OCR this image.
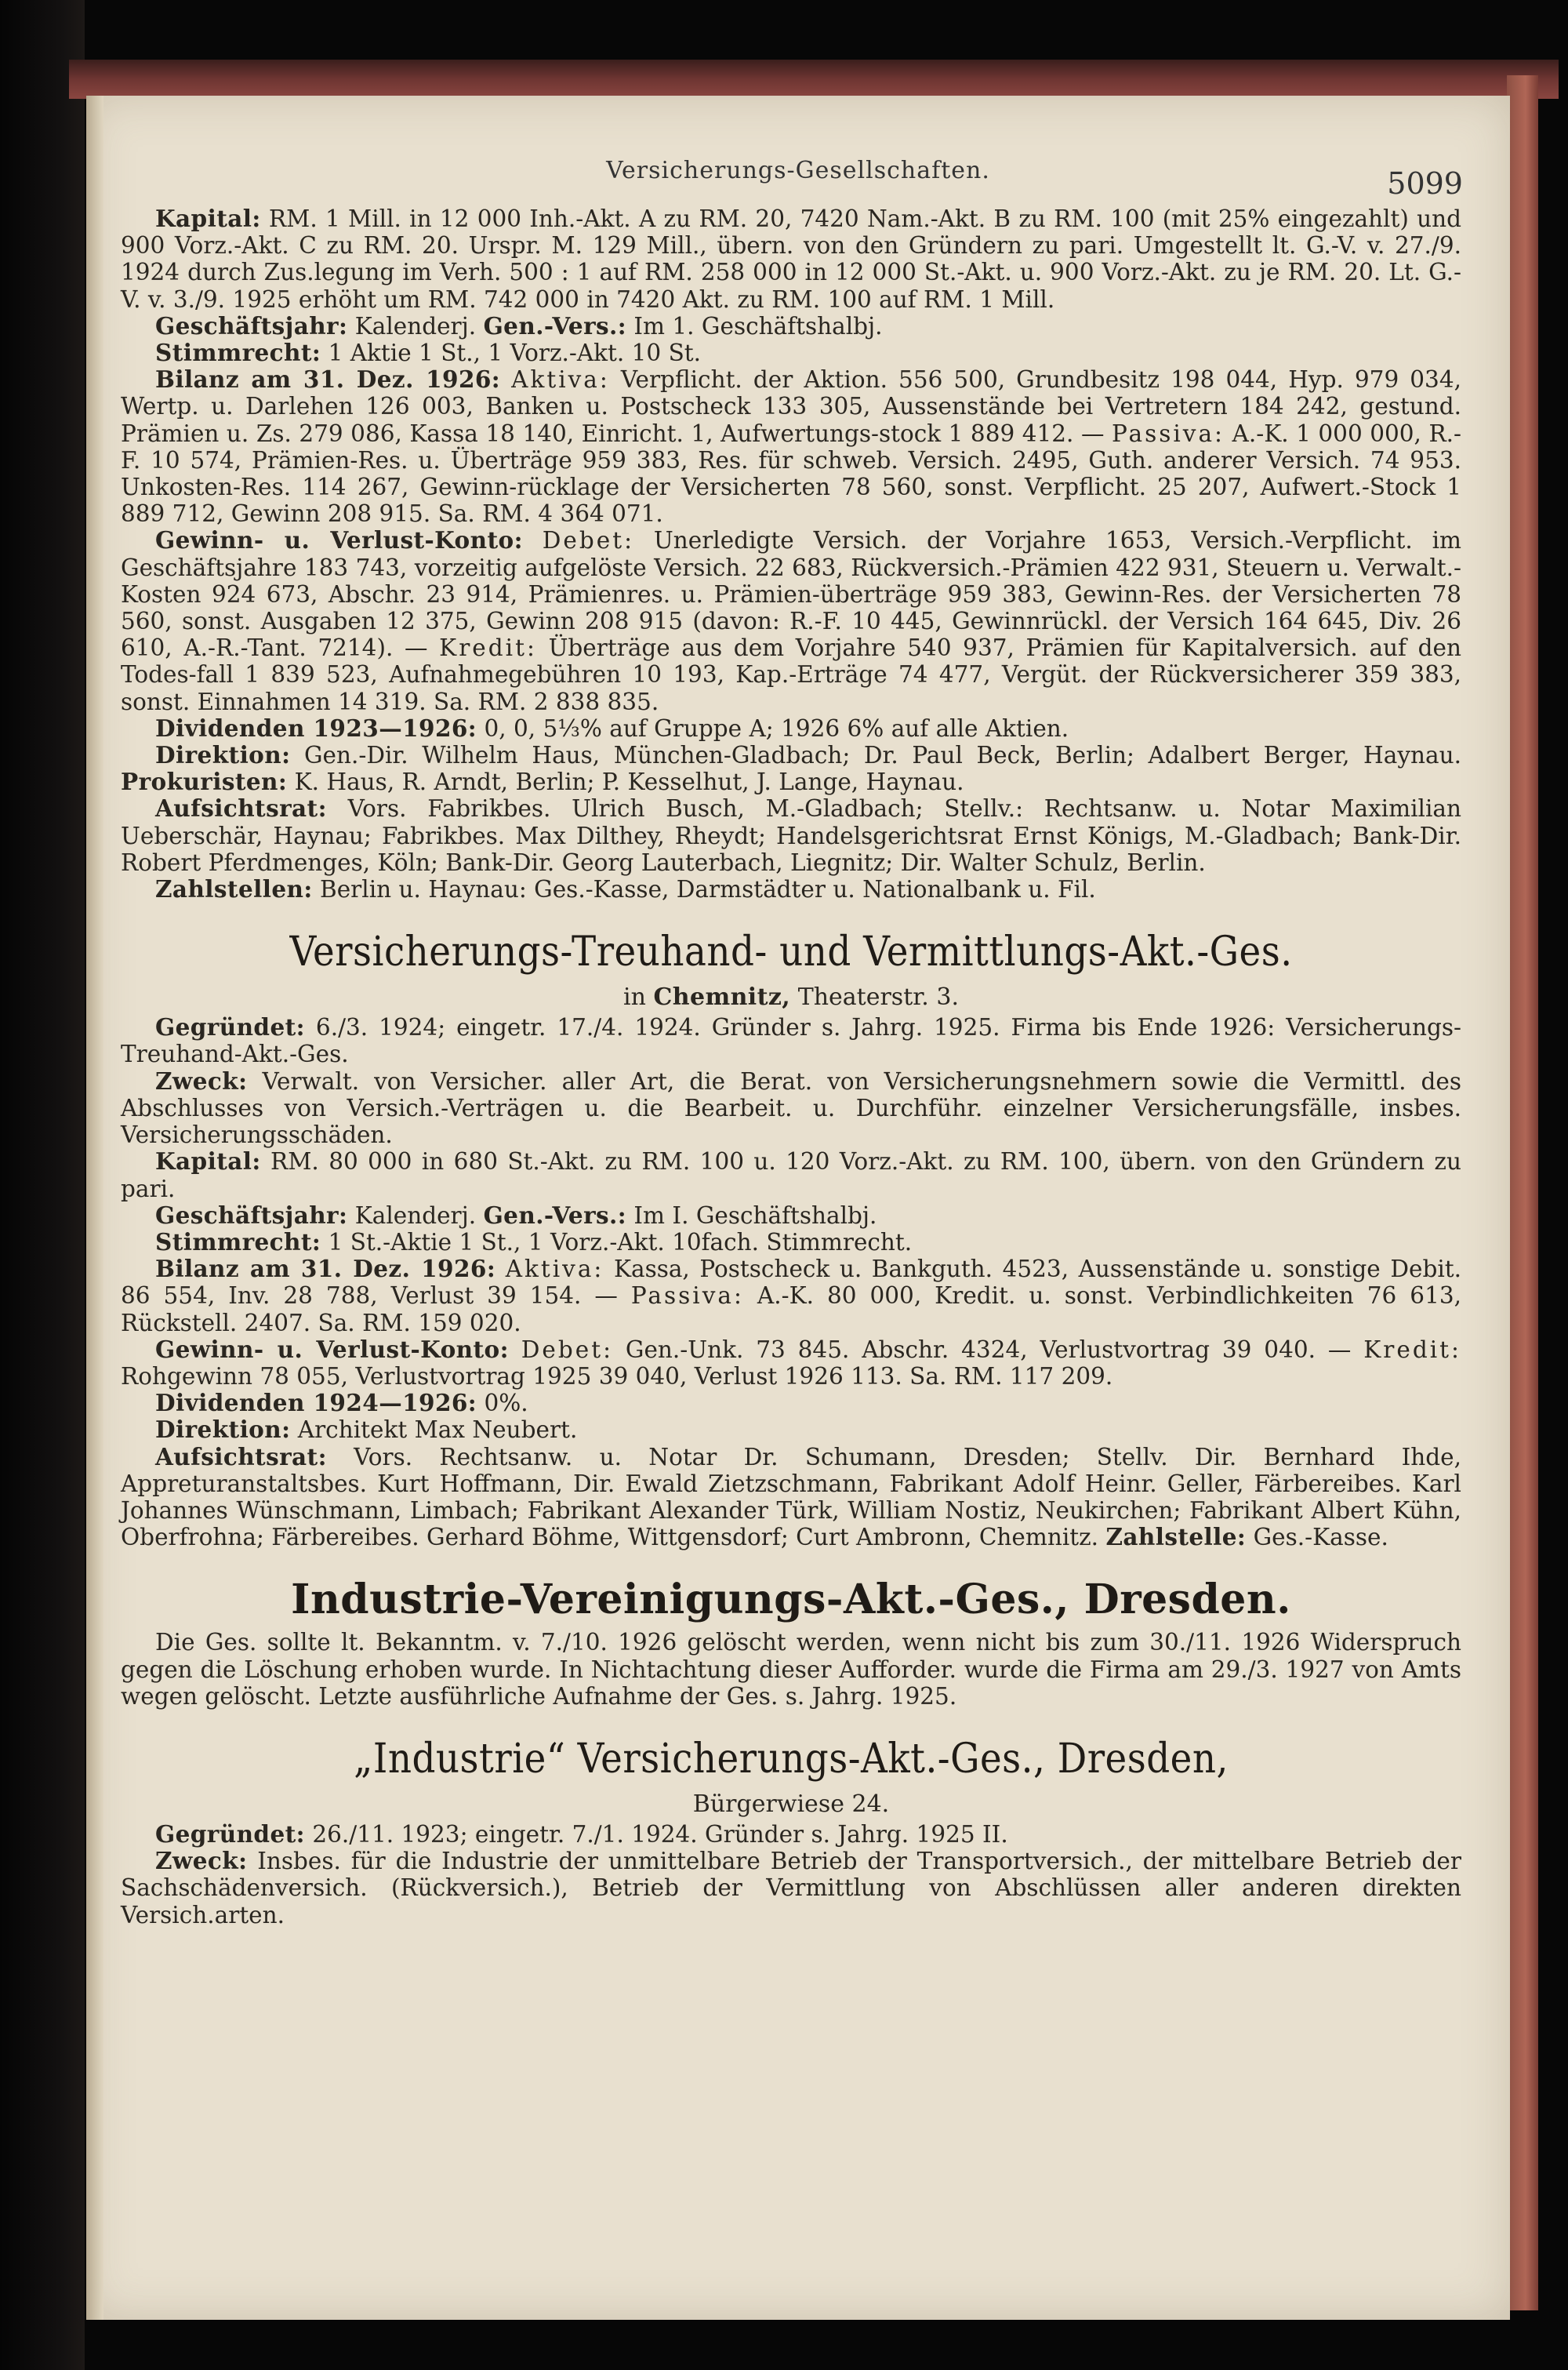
Versicherungs-Gesellschaften.	5099

Kapital: RM. 1 Mill. in 12 000 Inh.-Akt. A zu RM. 20, 7420 Nam.-Akt. B zu RM. 100 (mit 25% eingezahlt) und 900 Vorz.-Akt. C zu RM. 20. Urspr. M. 129 Mill., übern. von den Gründern zu pari. Umgestellt lt. G.-V. v. 27./9. 1924 durch Zus.legung im Verh. 500 : 1 auf RM. 258 000 in 12 000 St.-Akt. u. 900 Vorz.-Akt. zu je RM. 20. Lt. G.-V. v. 3./9. 1925 erhöht um RM. 742 000 in 7420 Akt. zu RM. 100 auf RM. 1 Mill.

Geschäftsjahr: Kalenderj. Gen.-Vers.: Im 1. Geschäftshalbj.

Stimmrecht: 1 Aktie 1 St., 1 Vorz.-Akt. 10 St.

Bilanz am 31. Dez. 1926: Aktiva: Verpflicht. der Aktion. 556 500, Grundbesitz 198 044, Hyp. 979 034, Wertp. u. Darlehen 126 003, Banken u. Postscheck 133 305, Aussenstände bei Vertretern 184 242, gestund. Prämien u. Zs. 279 086, Kassa 18 140, Einricht. 1, Aufwertungs-stock 1 889 412. — Passiva: A.-K. 1 000 000, R.-F. 10 574, Prämien-Res. u. Überträge 959 383, Res. für schweb. Versich. 2495, Guth. anderer Versich. 74 953. Unkosten-Res. 114 267, Gewinn-rücklage der Versicherten 78 560, sonst. Verpflicht. 25 207, Aufwert.-Stock 1 889 712, Gewinn 208 915. Sa. RM. 4 364 071.

Gewinn- u. Verlust-Konto: Debet: Unerledigte Versich. der Vorjahre 1653, Versich.-Verpflicht. im Geschäftsjahre 183 743, vorzeitig aufgelöste Versich. 22 683, Rückversich.-Prämien 422 931, Steuern u. Verwalt.-Kosten 924 673, Abschr. 23 914, Prämienres. u. Prämien-überträge 959 383, Gewinn-Res. der Versicherten 78 560, sonst. Ausgaben 12 375, Gewinn 208 915 (davon: R.-F. 10 445, Gewinnrückl. der Versich 164 645, Div. 26 610, A.-R.-Tant. 7214). — Kredit: Überträge aus dem Vorjahre 540 937, Prämien für Kapitalversich. auf den Todes-fall 1 839 523, Aufnahmegebühren 10 193, Kap.-Erträge 74 477, Vergüt. der Rückversicherer 359 383, sonst. Einnahmen 14 319. Sa. RM. 2 838 835.

Dividenden 1923—1926: 0, 0, 5⅓% auf Gruppe A; 1926 6% auf alle Aktien.

Direktion: Gen.-Dir. Wilhelm Haus, München-Gladbach; Dr. Paul Beck, Berlin; Adalbert Berger, Haynau. Prokuristen: K. Haus, R. Arndt, Berlin; P. Kesselhut, J. Lange, Haynau.

Aufsichtsrat: Vors. Fabrikbes. Ulrich Busch, M.-Gladbach; Stellv.: Rechtsanw. u. Notar Maximilian Ueberschär, Haynau; Fabrikbes. Max Dilthey, Rheydt; Handelsgerichtsrat Ernst Königs, M.-Gladbach; Bank-Dir. Robert Pferdmenges, Köln; Bank-Dir. Georg Lauterbach, Liegnitz; Dir. Walter Schulz, Berlin.

Zahlstellen: Berlin u. Haynau: Ges.-Kasse, Darmstädter u. Nationalbank u. Fil.

Versicherungs-Treuhand- und Vermittlungs-Akt.-Ges.
in Chemnitz, Theaterstr. 3.

Gegründet: 6./3. 1924; eingetr. 17./4. 1924. Gründer s. Jahrg. 1925. Firma bis Ende 1926: Versicherungs-Treuhand-Akt.-Ges.

Zweck: Verwalt. von Versicher. aller Art, die Berat. von Versicherungsnehmern sowie die Vermittl. des Abschlusses von Versich.-Verträgen u. die Bearbeit. u. Durchführ. einzelner Versicherungsfälle, insbes. Versicherungsschäden.

Kapital: RM. 80 000 in 680 St.-Akt. zu RM. 100 u. 120 Vorz.-Akt. zu RM. 100, übern. von den Gründern zu pari.

Geschäftsjahr: Kalenderj. Gen.-Vers.: Im I. Geschäftshalbj.

Stimmrecht: 1 St.-Aktie 1 St., 1 Vorz.-Akt. 10fach. Stimmrecht.

Bilanz am 31. Dez. 1926: Aktiva: Kassa, Postscheck u. Bankguth. 4523, Aussenstände u. sonstige Debit. 86 554, Inv. 28 788, Verlust 39 154. — Passiva: A.-K. 80 000, Kredit. u. sonst. Verbindlichkeiten 76 613, Rückstell. 2407. Sa. RM. 159 020.

Gewinn- u. Verlust-Konto: Debet: Gen.-Unk. 73 845. Abschr. 4324, Verlustvortrag 39 040. — Kredit: Rohgewinn 78 055, Verlustvortrag 1925 39 040, Verlust 1926 113. Sa. RM. 117 209.

Dividenden 1924—1926: 0%.

Direktion: Architekt Max Neubert.

Aufsichtsrat: Vors. Rechtsanw. u. Notar Dr. Schumann, Dresden; Stellv. Dir. Bernhard Ihde, Appreturanstaltsbes. Kurt Hoffmann, Dir. Ewald Zietzschmann, Fabrikant Adolf Heinr. Geller, Färbereibes. Karl Johannes Wünschmann, Limbach; Fabrikant Alexander Türk, William Nostiz, Neukirchen; Fabrikant Albert Kühn, Oberfrohna; Färbereibes. Gerhard Böhme, Wittgensdorf; Curt Ambronn, Chemnitz. Zahlstelle: Ges.-Kasse.

Industrie-Vereinigungs-Akt.-Ges., Dresden.

Die Ges. sollte lt. Bekanntm. v. 7./10. 1926 gelöscht werden, wenn nicht bis zum 30./11. 1926 Widerspruch gegen die Löschung erhoben wurde. In Nichtachtung dieser Aufforder. wurde die Firma am 29./3. 1927 von Amts wegen gelöscht. Letzte ausführliche Aufnahme der Ges. s. Jahrg. 1925.

„Industrie“ Versicherungs-Akt.-Ges., Dresden,
Bürgerwiese 24.

Gegründet: 26./11. 1923; eingetr. 7./1. 1924. Gründer s. Jahrg. 1925 II.

Zweck: Insbes. für die Industrie der unmittelbare Betrieb der Transportversich., der mittelbare Betrieb der Sachschädenversich. (Rückversich.), Betrieb der Vermittlung von Abschlüssen aller anderen direkten Versich.arten.
